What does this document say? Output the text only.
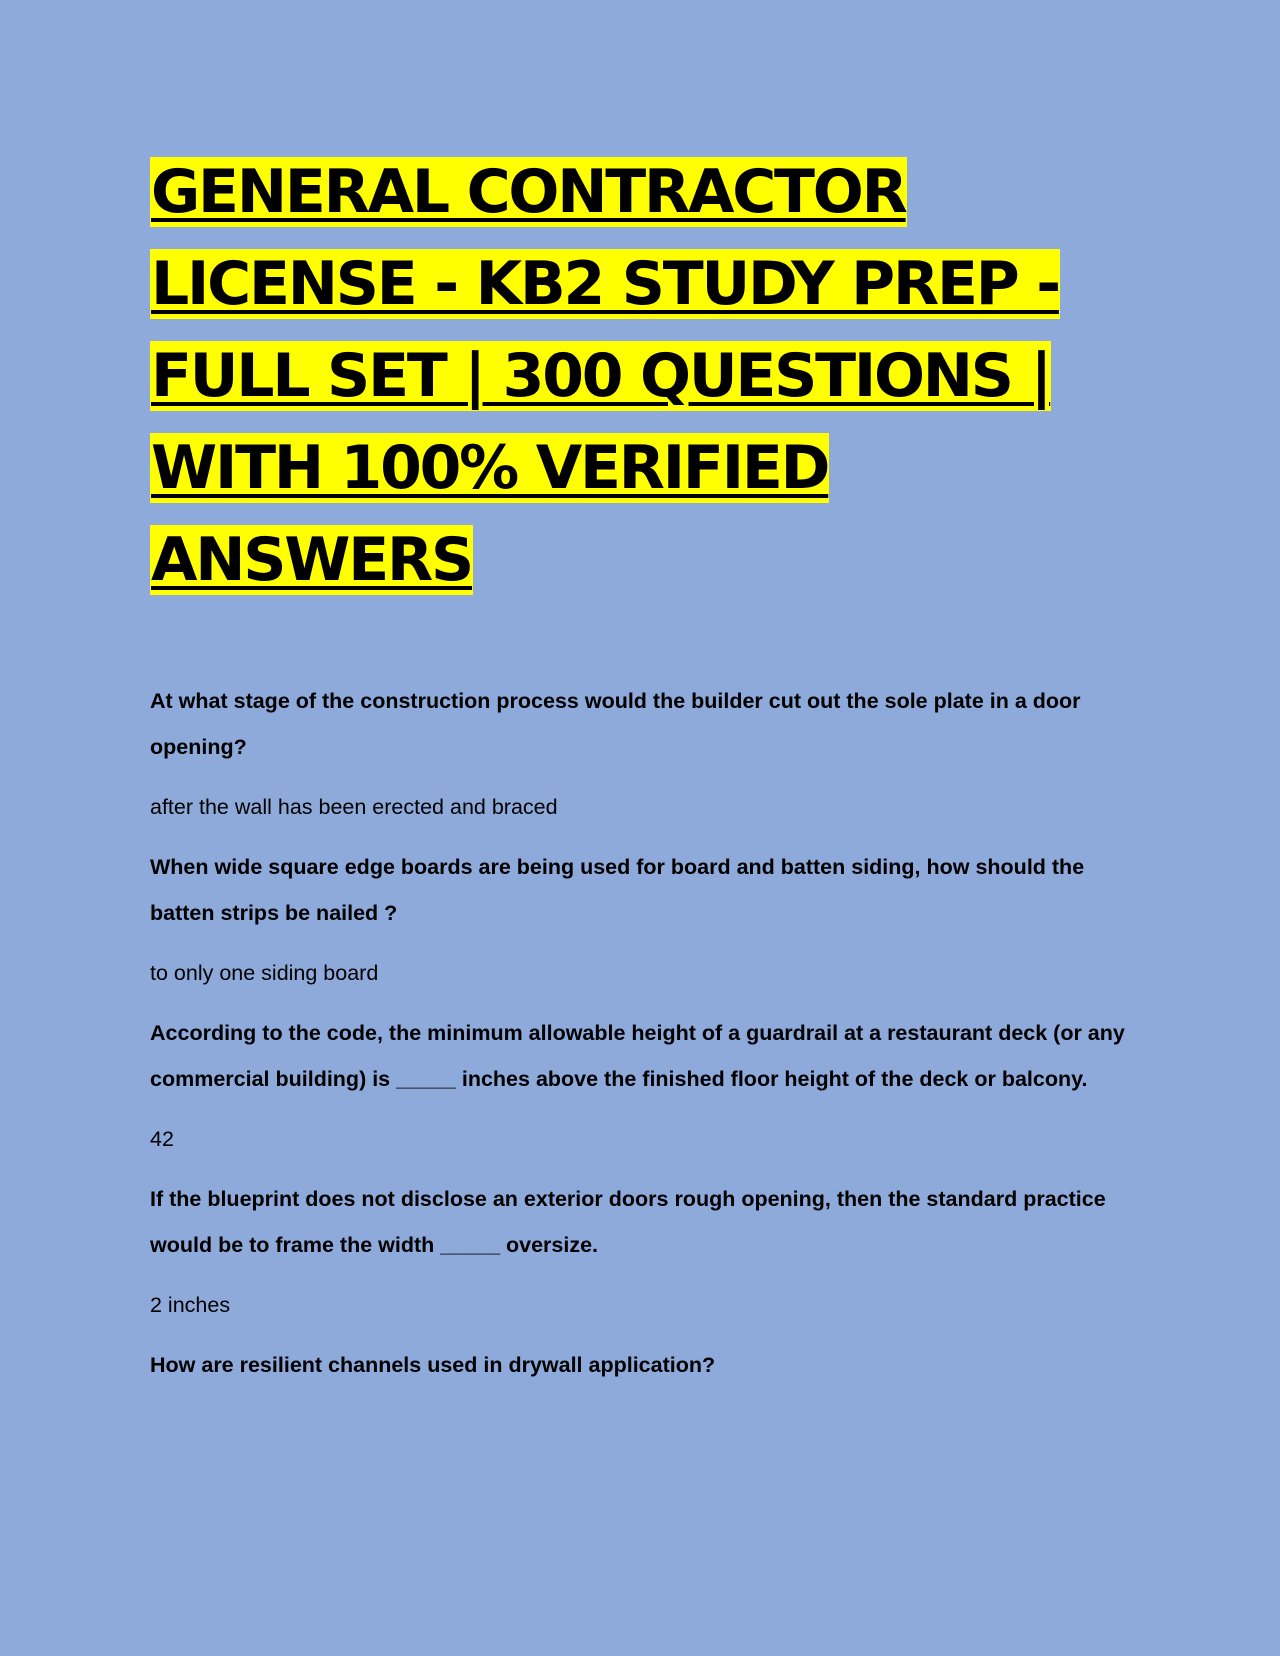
GENERAL CONTRACTOR LICENSE - KB2 STUDY PREP - FULL SET | 300 QUESTIONS | WITH 100% VERIFIED ANSWERS

At what stage of the construction process would the builder cut out the sole plate in a door opening?

after the wall has been erected and braced

When wide square edge boards are being used for board and batten siding, how should the batten strips be nailed ?

to only one siding board

According to the code, the minimum allowable height of a guardrail at a restaurant deck (or any commercial building) is _____ inches above the finished floor height of the deck or balcony.

42

If the blueprint does not disclose an exterior doors rough opening, then the standard practice would be to frame the width _____ oversize.

2 inches

How are resilient channels used in drywall application?
